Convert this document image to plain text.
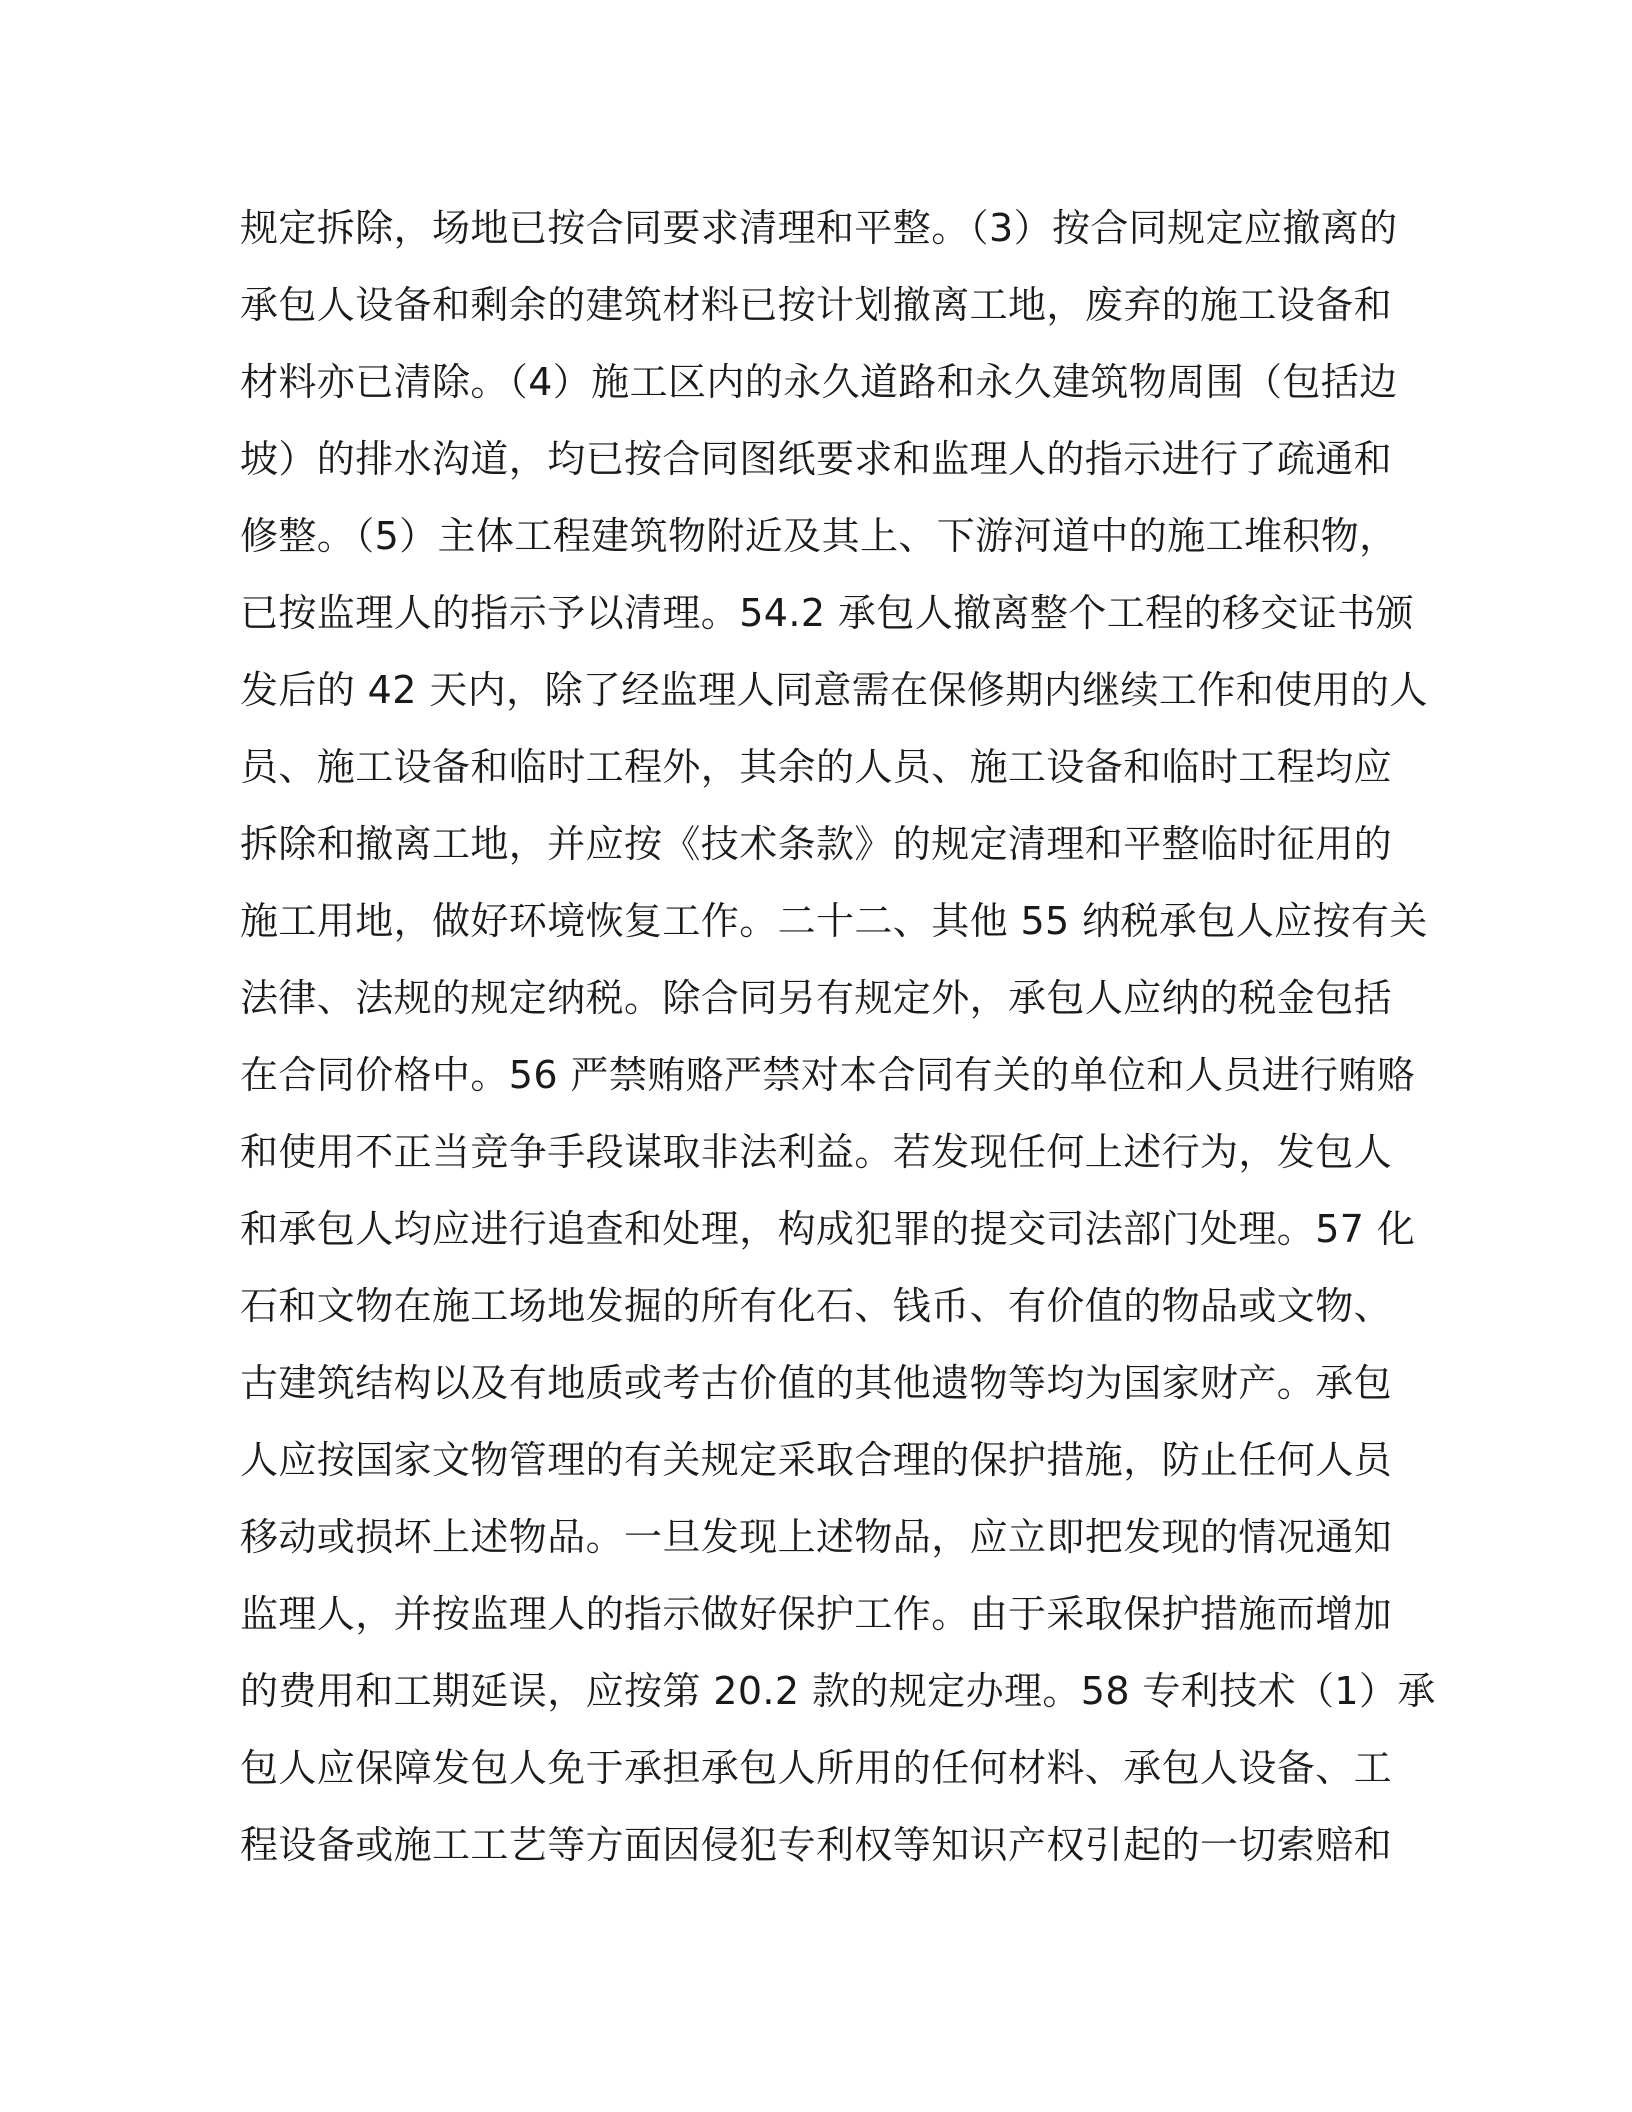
规定拆除，场地已按合同要求清理和平整。（3）按合同规定应撤离的
承包人设备和剩余的建筑材料已按计划撤离工地，废弃的施工设备和
材料亦已清除。（4）施工区内的永久道路和永久建筑物周围（包括边
坡）的排水沟道，均已按合同图纸要求和监理人的指示进行了疏通和
修整。（5）主体工程建筑物附近及其上、下游河道中的施工堆积物，
已按监理人的指示予以清理。54.2 承包人撤离整个工程的移交证书颁
发后的 42 天内，除了经监理人同意需在保修期内继续工作和使用的人
员、施工设备和临时工程外，其余的人员、施工设备和临时工程均应
拆除和撤离工地，并应按《技术条款》的规定清理和平整临时征用的
施工用地，做好环境恢复工作。二十二、其他 55 纳税承包人应按有关
法律、法规的规定纳税。除合同另有规定外，承包人应纳的税金包括
在合同价格中。56 严禁贿赂严禁对本合同有关的单位和人员进行贿赂
和使用不正当竞争手段谋取非法利益。若发现任何上述行为，发包人
和承包人均应进行追查和处理，构成犯罪的提交司法部门处理。57 化
石和文物在施工场地发掘的所有化石、钱币、有价值的物品或文物、
古建筑结构以及有地质或考古价值的其他遗物等均为国家财产。承包
人应按国家文物管理的有关规定采取合理的保护措施，防止任何人员
移动或损坏上述物品。一旦发现上述物品，应立即把发现的情况通知
监理人，并按监理人的指示做好保护工作。由于采取保护措施而增加
的费用和工期延误，应按第 20.2 款的规定办理。58 专利技术（1）承
包人应保障发包人免于承担承包人所用的任何材料、承包人设备、工
程设备或施工工艺等方面因侵犯专利权等知识产权引起的一切索赔和
